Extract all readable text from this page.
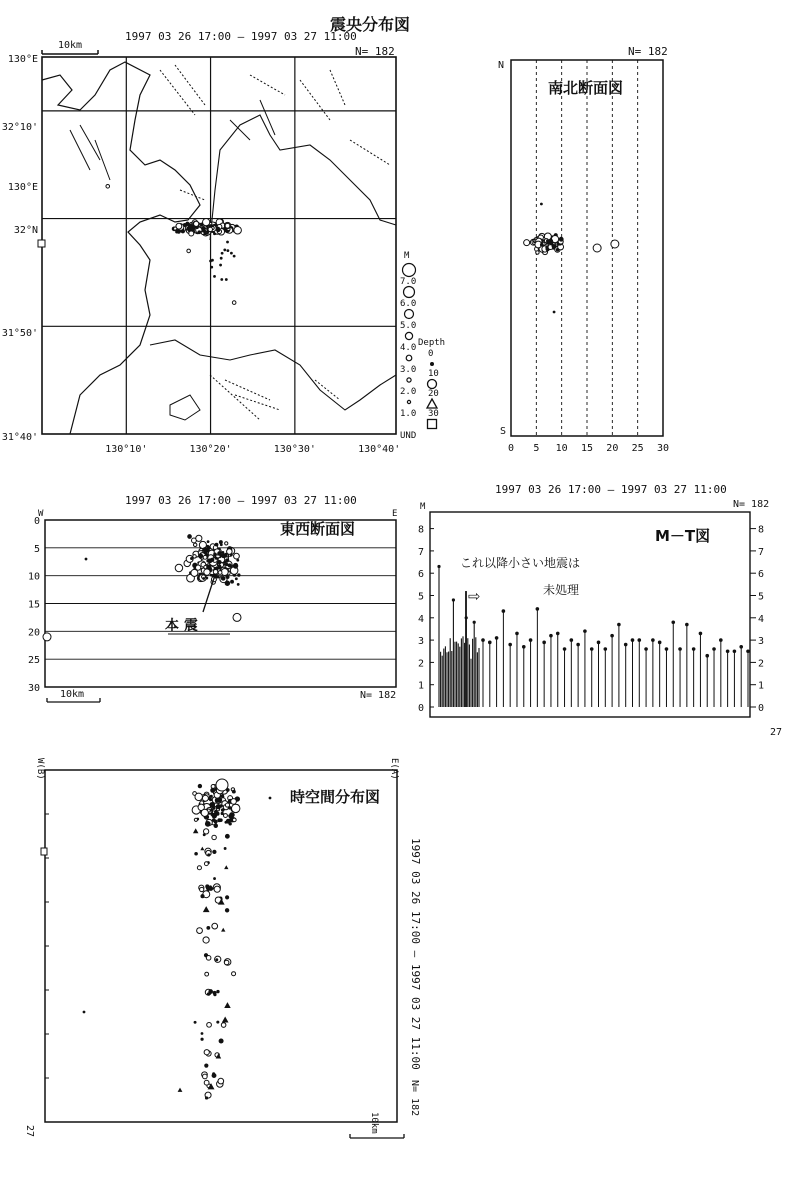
震央分布図
1997 03 26 17:00 — 1997 03 27 11:00
N= 182
10km
130°10'	130°20'	130°30'	130°40'
130°E
32°10'
130°E
32°N
31°50'
31°40'
M
7.0
6.0
5.0
4.0
3.0
2.0
1.0
UND
Depth
0
10
20
30
N= 182
N
S
南北断面図
0 5 10 15 20 25 30
1997 03 26 17:00 — 1997 03 27 11:00
W	E
東西断面図
0
5
10
15
20
25
30
本 震
N= 182
10km
1997 03 26 17:00 — 1997 03 27 11:00
N= 182
M
M－T図
これ以降小さい地震は
未処理
⇨
27
0	0
1	1
2	2
3	3
4	4
5	5
6	6
7	7
8	8
W(B)	E(A)
時空間分布図
1997 03 26 17:00 — 1997 03 27 11:00
N= 182
27	10km
